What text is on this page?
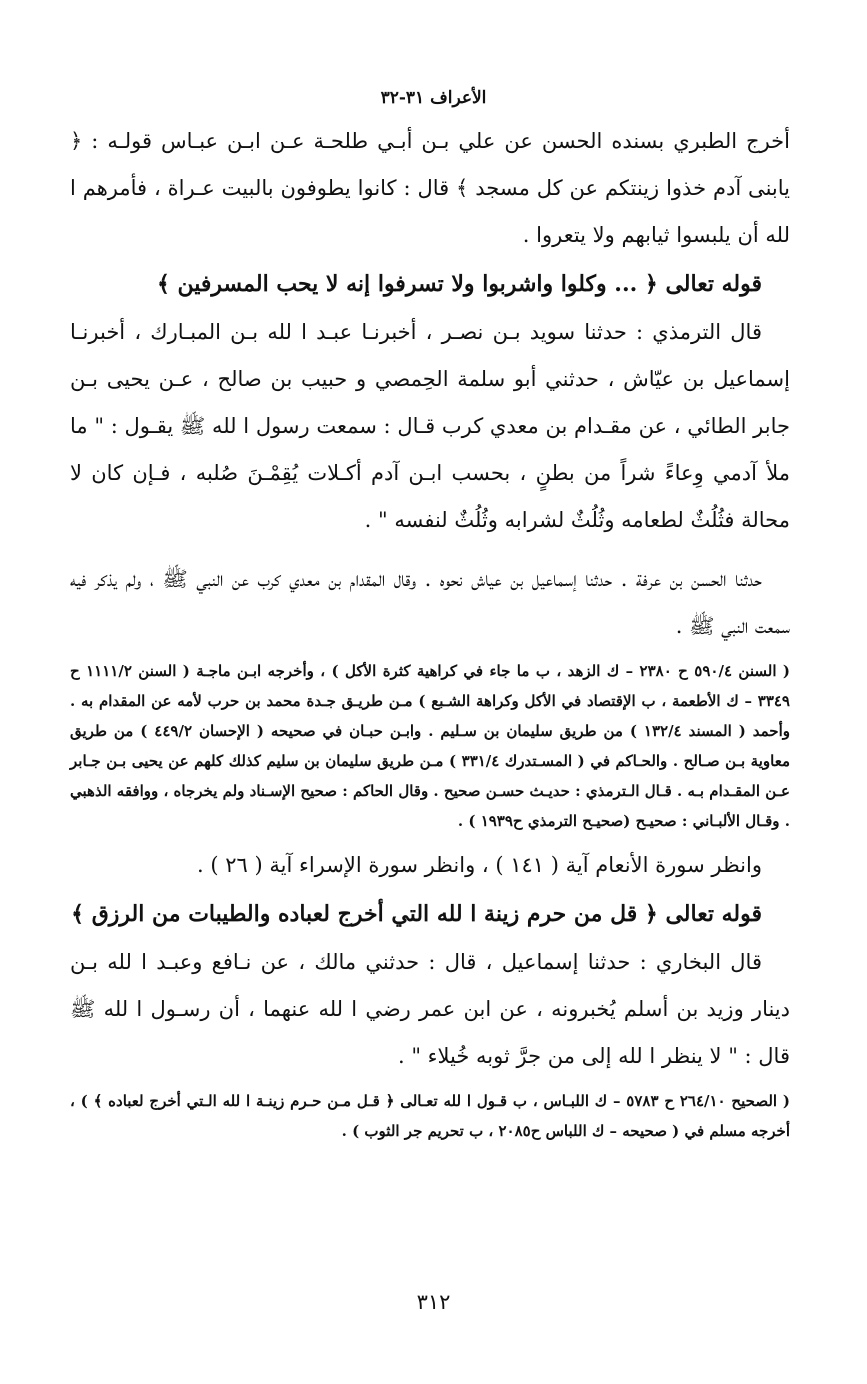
الأعراف ٣١-٣٢

أخرج الطبري بسنده الحسن عن علي بـن أبـي طلحـة عـن ابـن عبـاس قولـه : ﴿ يابنى آدم خذوا زينتكم عن كل مسجد ﴾ قال : كانوا يطوفون بالبيت عـراة ، فأمرهم ا لله أن يلبسوا ثيابهم ولا يتعروا .

قوله تعالى ﴿ ... وكلوا واشربوا ولا تسرفوا إنه لا يحب المسرفين ﴾

قال الترمذي : حدثنا سويد بـن نصـر ، أخبرنـا عبـد ا لله بـن المبـارك ، أخبرنـا إسماعيل بن عيّاش ، حدثني أبو سلمة الحِمصي و حبيب بن صالح ، عـن يحيى بـن جابر الطائي ، عن مقـدام بن معدي كرب قـال : سمعت رسول ا لله ﷺ يقـول : " ما ملأ آدمي وِعاءً شراً من بطنٍ ، بحسب ابـن آدم أكـلات يُقِمْـنَ صُلبه ، فـإن كان لا محالة فثُلُثٌ لطعامه وثُلُثٌ لشرابه وثُلُثٌ لنفسه " .

حدثنا الحسن بن عرفة . حدثنا إسماعيل بن عياش نحوه . وقال المقدام بن معدي كرب عن النبي ﷺ ، ولم يذكر فيه سمعت النبي ﷺ .

( السنن ٥٩٠/٤ ح ٢٣٨٠ – ك الزهد ، ب ما جاء في كراهية كثرة الأكل ) ، وأخرجه ابـن ماجـة ( السنن ١١١١/٢ ح ٣٣٤٩ – ك الأطعمة ، ب الإقتصاد في الأكل وكراهة الشـبع ) مـن طريـق جـدة محمد بن حرب لأمه عن المقدام به . وأحمد ( المسند ١٣٢/٤ ) من طريق سليمان بن سـليم . وابـن حبـان في صحيحه ( الإحسان ٤٤٩/٢ ) من طريق معاوية بـن صـالح . والحـاكم في ( المسـتدرك ٣٣١/٤ ) مـن طريق سليمان بن سليم كذلك كلهم عن يحيى بـن جـابر عـن المقـدام بـه . قـال الـترمذي : حديـث حسـن صحيح . وقال الحاكم : صحيح الإسـناد ولم يخرجاه ، ووافقه الذهبي . وقـال الألبـاني : صحيـح (صحيـح الترمذي ح١٩٣٩ ) .

وانظر سورة الأنعام آية ( ١٤١ ) ، وانظر سورة الإسراء آية ( ٢٦ ) .

قوله تعالى ﴿ قل من حرم زينة ا لله التي أخرج لعباده والطيبات من الرزق ﴾

قال البخاري : حدثنا إسماعيل ، قال : حدثني مالك ، عن نـافع وعبـد ا لله بـن دينار وزيد بن أسلم يُخبرونه ، عن ابن عمر رضي ا لله عنهما ، أن رسـول ا لله ﷺ قال : " لا ينظر ا لله إلى من جرَّ ثوبه خُيلاء " .

( الصحيح ٢٦٤/١٠ ح ٥٧٨٣ – ك اللبـاس ، ب قـول ا لله تعـالى ﴿ قـل مـن حـرم زينـة ا لله الـتي أخرج لعباده ﴾ ) ، أخرجه مسلم في ( صحيحه – ك اللباس ح٢٠٨٥ ، ب تحريم جر الثوب ) .

٣١٢
